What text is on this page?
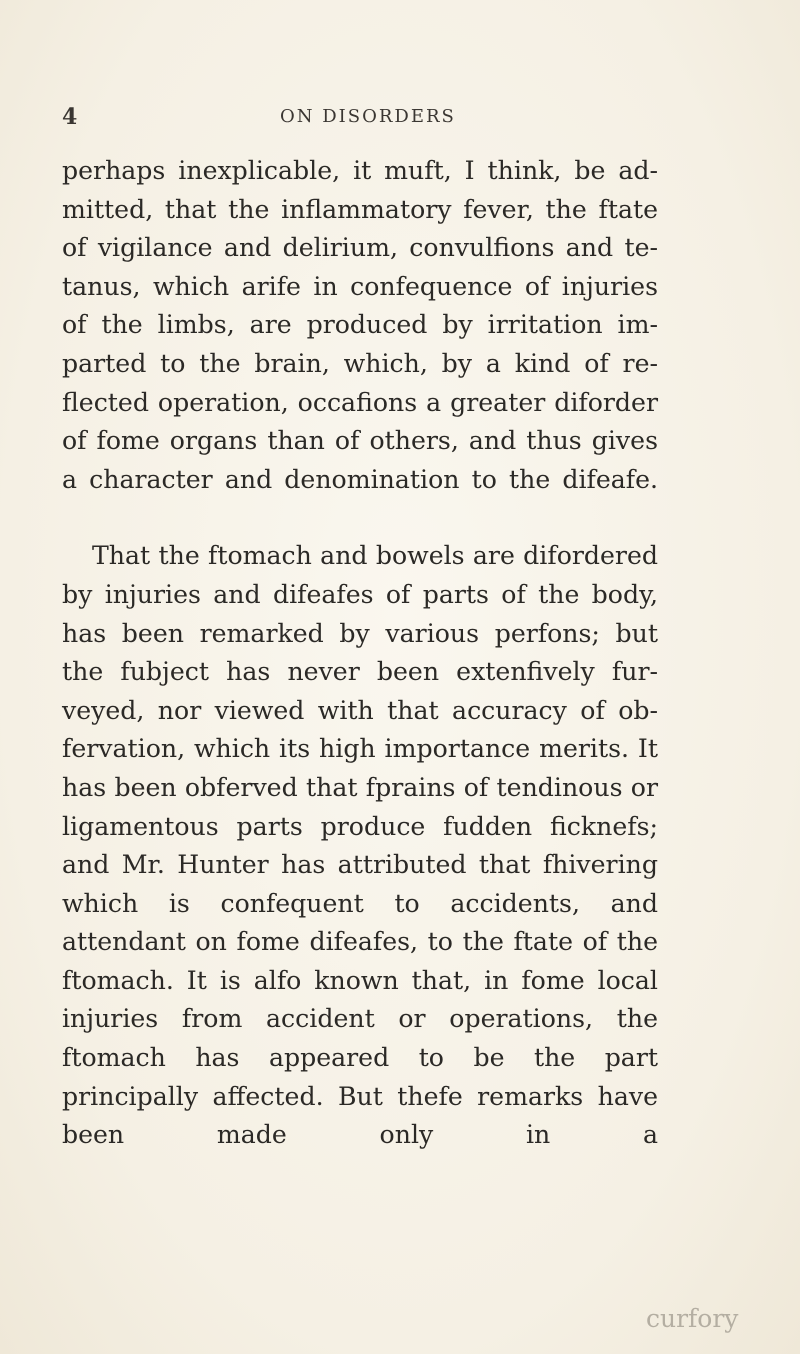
4	ON DISORDERS

perhaps inexplicable, it muft, I think, be ad- mitted, that the inflammatory fever, the ftate of vigilance and delirium, convulfions and te- tanus, which arife in confequence of injuries of the limbs, are produced by irritation im- parted to the brain, which, by a kind of re- flected operation, occafions a greater diforder of fome organs than of others, and thus gives a character and denomination to the difeafe.

That the ftomach and bowels are difordered by injuries and difeafes of parts of the body, has been remarked by various perfons; but the fubject has never been extenfively fur- veyed, nor viewed with that accuracy of ob- fervation, which its high importance merits. It has been obferved that fprains of tendinous or ligamentous parts produce fudden ficknefs; and Mr. Hunter has attributed that fhivering which is confequent to accidents, and attendant on fome difeafes, to the ftate of the ftomach. It is alfo known that, in fome local injuries from accident or operations, the ftomach has appeared to be the part principally affected. But thefe remarks have been made only in a

curfory
